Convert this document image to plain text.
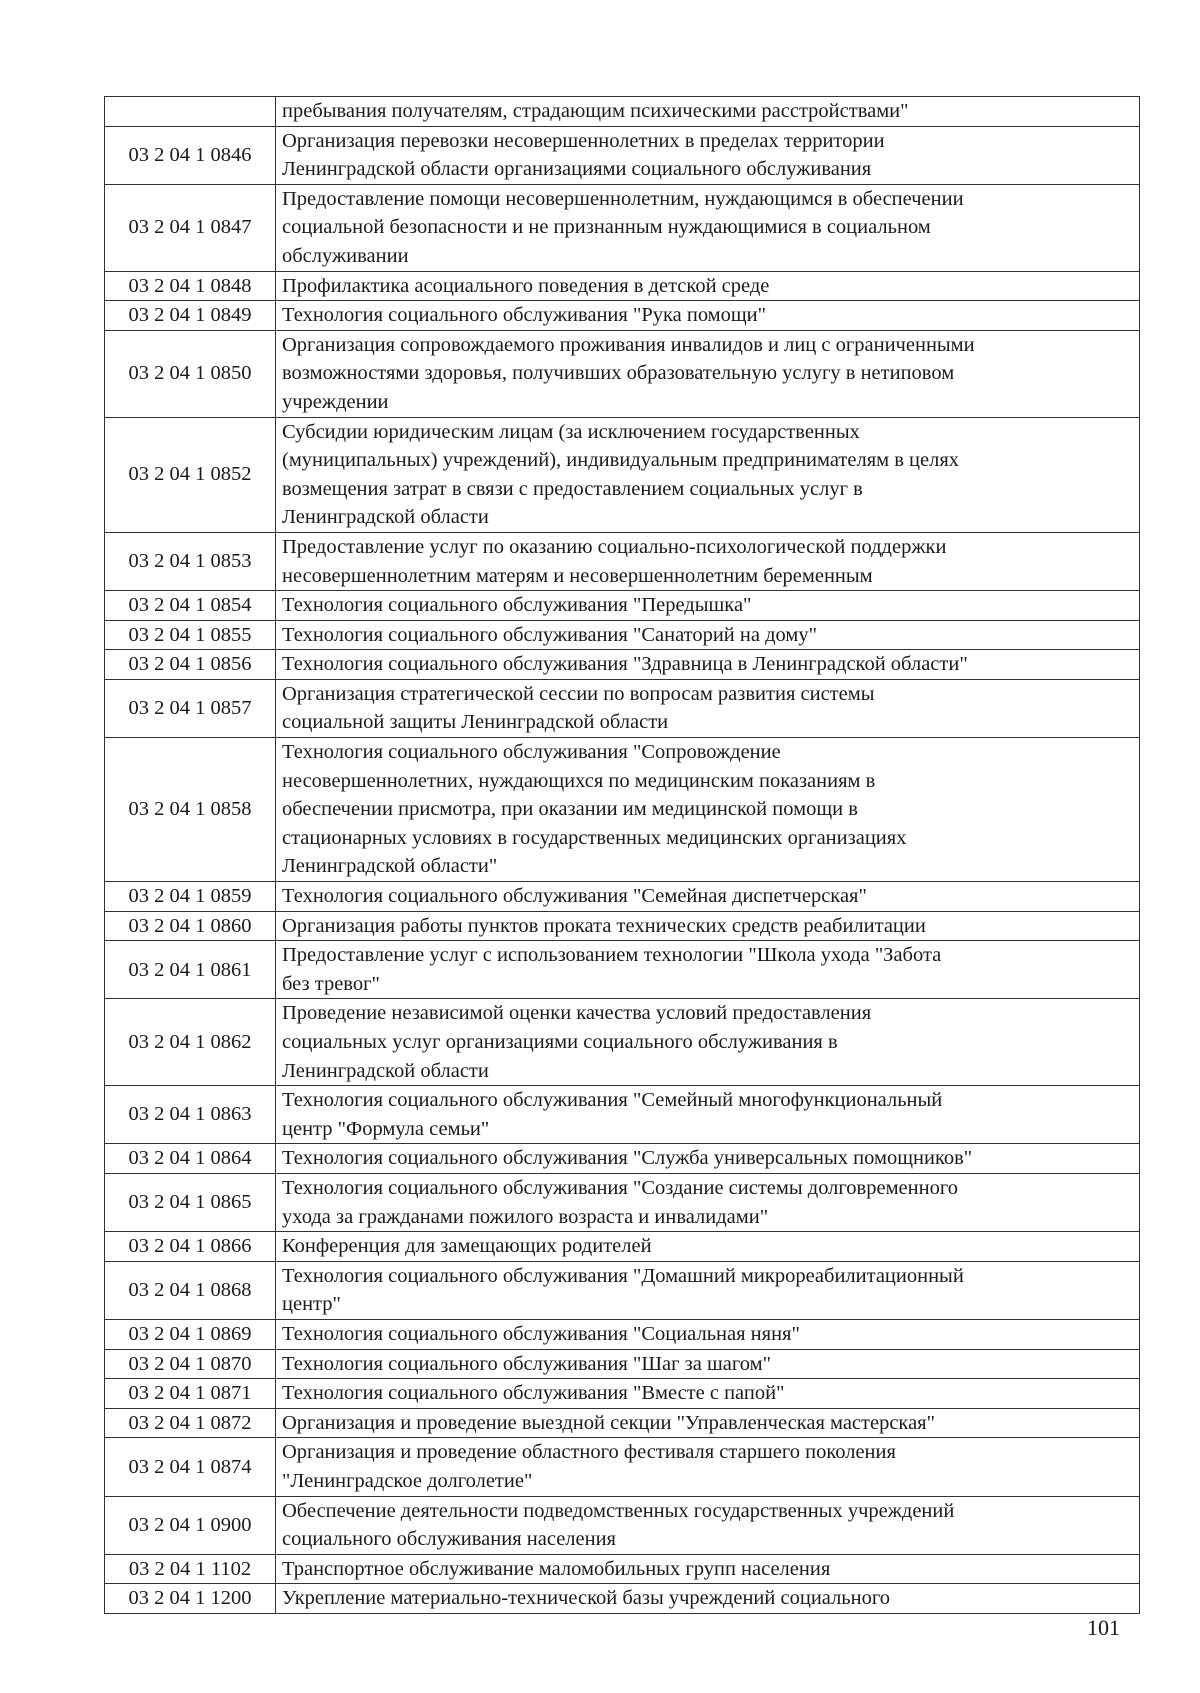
	пребывания получателям, страдающим психическими расстройствами"

03 2 04 1 0846	Организация перевозки несовершеннолетних в пределах территории
Ленинградской области организациями социального обслуживания

03 2 04 1 0847	Предоставление помощи несовершеннолетним, нуждающимся в обеспечении
социальной безопасности и не признанным нуждающимися в социальном
обслуживании

03 2 04 1 0848	Профилактика асоциального поведения в детской среде

03 2 04 1 0849	Технология социального обслуживания "Рука помощи"

03 2 04 1 0850	Организация сопровождаемого проживания инвалидов и лиц с ограниченными
возможностями здоровья, получивших образовательную услугу в нетиповом
учреждении

03 2 04 1 0852	Субсидии юридическим лицам (за исключением государственных
(муниципальных) учреждений), индивидуальным предпринимателям в целях
возмещения затрат в связи с предоставлением социальных услуг в
Ленинградской области

03 2 04 1 0853	Предоставление услуг по оказанию социально-психологической поддержки
несовершеннолетним матерям и несовершеннолетним беременным

03 2 04 1 0854	Технология социального обслуживания "Передышка"

03 2 04 1 0855	Технология социального обслуживания "Санаторий на дому"

03 2 04 1 0856	Технология социального обслуживания "Здравница в Ленинградской области"

03 2 04 1 0857	Организация стратегической сессии по вопросам развития системы
социальной защиты Ленинградской области

03 2 04 1 0858	Технология социального обслуживания "Сопровождение
несовершеннолетних, нуждающихся по медицинским показаниям в
обеспечении присмотра, при оказании им медицинской помощи в
стационарных условиях в государственных медицинских организациях
Ленинградской области"

03 2 04 1 0859	Технология социального обслуживания "Семейная диспетчерская"

03 2 04 1 0860	Организация работы пунктов проката технических средств реабилитации

03 2 04 1 0861	Предоставление услуг с использованием технологии "Школа ухода "Забота
без тревог"

03 2 04 1 0862	Проведение независимой оценки качества условий предоставления
социальных услуг организациями социального обслуживания в
Ленинградской области

03 2 04 1 0863	Технология социального обслуживания "Семейный многофункциональный
центр "Формула семьи"

03 2 04 1 0864	Технология социального обслуживания "Служба универсальных помощников"

03 2 04 1 0865	Технология социального обслуживания "Создание системы долговременного
ухода за гражданами пожилого возраста и инвалидами"

03 2 04 1 0866	Конференция для замещающих родителей

03 2 04 1 0868	Технология социального обслуживания "Домашний микрореабилитационный
центр"

03 2 04 1 0869	Технология социального обслуживания "Социальная няня"

03 2 04 1 0870	Технология социального обслуживания "Шаг за шагом"

03 2 04 1 0871	Технология социального обслуживания "Вместе с папой"

03 2 04 1 0872	Организация и проведение выездной секции "Управленческая мастерская"

03 2 04 1 0874	Организация и проведение областного фестиваля старшего поколения
"Ленинградское долголетие"

03 2 04 1 0900	Обеспечение деятельности подведомственных государственных учреждений
социального обслуживания населения

03 2 04 1 1102	Транспортное обслуживание маломобильных групп населения

03 2 04 1 1200	Укрепление материально-технической базы учреждений социального
101
